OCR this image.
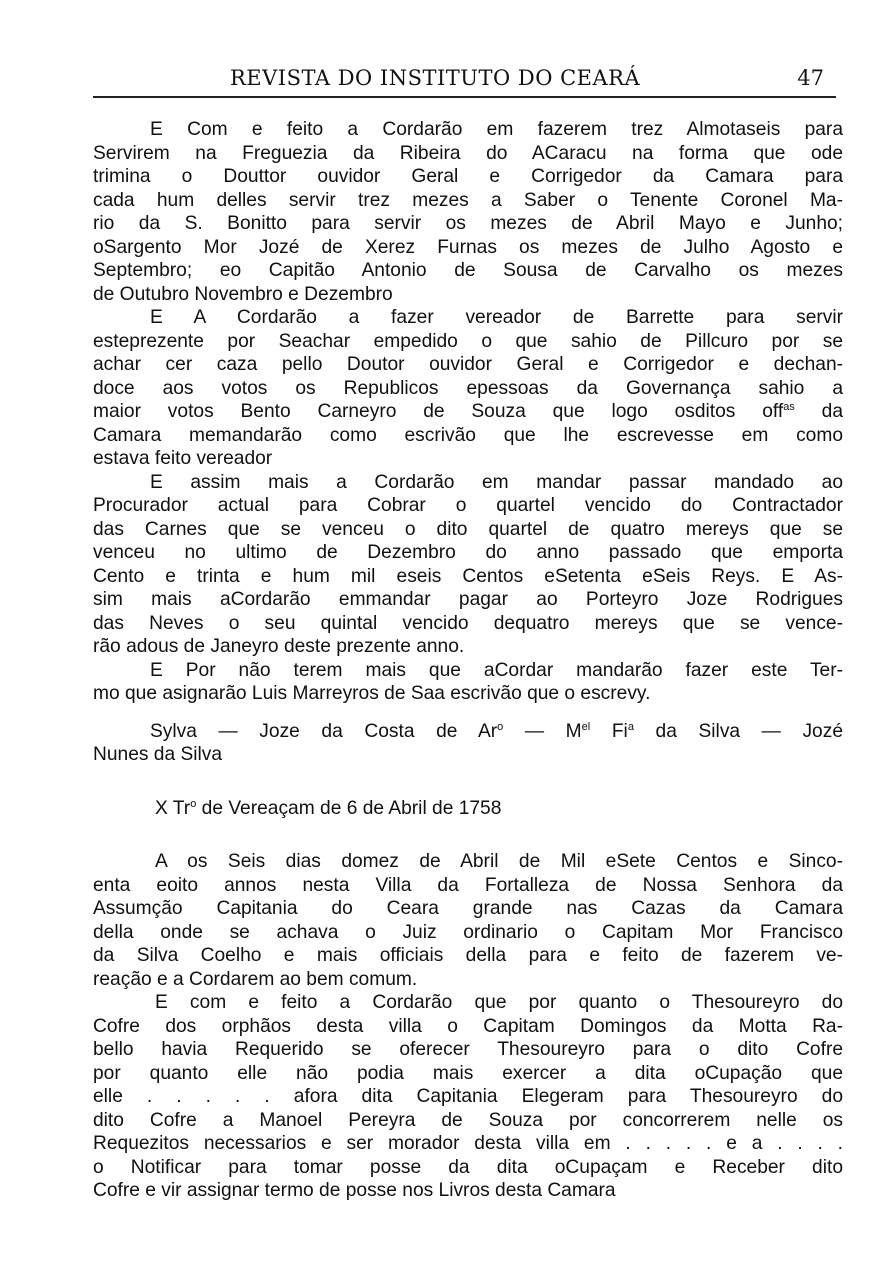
REVISTA DO INSTITUTO DO CEARÁ	47
E Com e feito a Cordarão em fazerem trez Almotaseis para
Servirem na Freguezia da Ribeira do ACaracu na forma que ode
trimina o Douttor ouvidor Geral e Corrigedor da Camara para
cada hum delles servir trez mezes a Saber o Tenente Coronel Ma-
rio da S. Bonitto para servir os mezes de Abril Mayo e Junho;
oSargento Mor Jozé de Xerez Furnas os mezes de Julho Agosto e
Septembro; eo Capitão Antonio de Sousa de Carvalho os mezes
de Outubro Novembro e Dezembro
E A Cordarão a fazer vereador de Barrette para servir
esteprezente por Seachar empedido o que sahio de Pillcuro por se
achar cer caza pello Doutor ouvidor Geral e Corrigedor e dechan-
doce aos votos os Republicos epessoas da Governança sahio a
maior votos Bento Carneyro de Souza que logo osditos off$^{as}$ da
Camara memandarão como escrivão que lhe escrevesse em como
estava feito vereador
E assim mais a Cordarão em mandar passar mandado ao
Procurador actual para Cobrar o quartel vencido do Contractador
das Carnes que se venceu o dito quartel de quatro mereys que se
venceu no ultimo de Dezembro do anno passado que emporta
Cento e trinta e hum mil eseis Centos eSetenta eSeis Reys. E As-
sim mais aCordarão emmandar pagar ao Porteyro Joze Rodrigues
das Neves o seu quintal vencido dequatro mereys que se vence-
rão adous de Janeyro deste prezente anno.
E Por não terem mais que aCordar mandarão fazer este Ter-
mo que asignarão Luis Marreyros de Saa escrivão que o escrevy.
Sylva — Joze da Costa de Ar$^o$ — $M^{el}$ Fi$^a$ da Silva — Jozé
Nunes da Silva
X Tr$^o$ de Vereaçam de 6 de Abril de 1758
A os Seis dias domez de Abril de Mil eSete Centos e Sinco-
enta eoito annos nesta Villa da Fortalleza de Nossa Senhora da
Assumção Capitania do Ceara grande nas Cazas da Camara
della onde se achava o Juiz ordinario o Capitam Mor Francisco
da Silva Coelho e mais officiais della para e feito de fazerem ve-
reação e a Cordarem ao bem comum.
E com e feito a Cordarão que por quanto o Thesoureyro do
Cofre dos orphãos desta villa o Capitam Domingos da Motta Ra-
bello havia Requerido se oferecer Thesoureyro para o dito Cofre
por quanto elle não podia mais exercer a dita oCupação que
elle . . . . . afora dita Capitania Elegeram para Thesoureyro do
dito Cofre a Manoel Pereyra de Souza por concorrerem nelle os
Requezitos necessarios e ser morador desta villa em . . . . . e a . . . .
o Notificar para tomar posse da dita oCupaçam e Receber dito
Cofre e vir assignar termo de posse nos Livros desta Camara
